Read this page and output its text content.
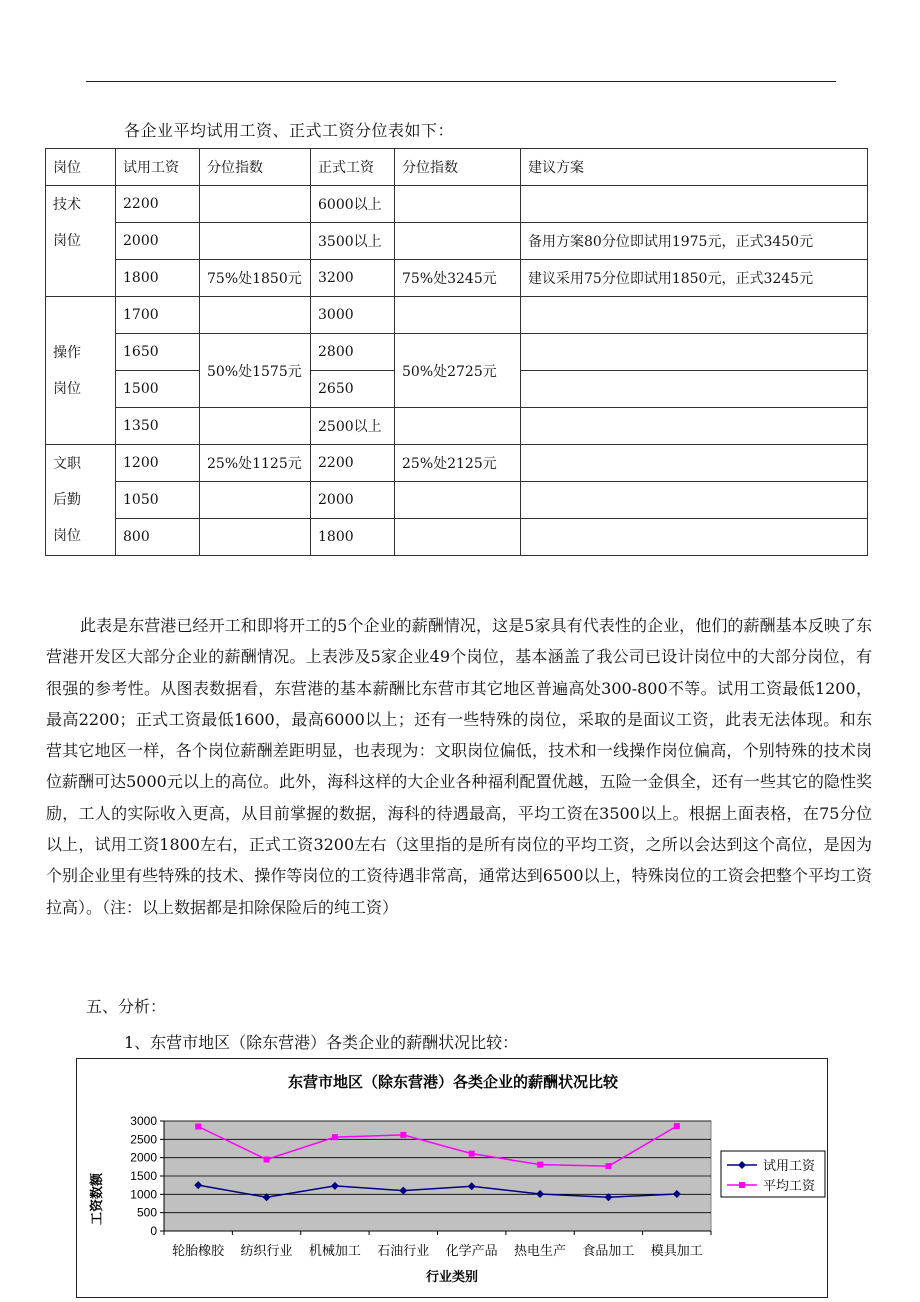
各企业平均试用工资、正式工资分位表如下：
岗位	试用工资	分位指数	正式工资	分位指数	建议方案

技术
岗位	2200		6000以上		
	2000		3500以上		备用方案80分位即试用1975元，正式3450元
	1800	75%处1850元	3200	75%处3245元	建议采用75分位即试用1850元，正式3245元

操作
岗位	1700		3000		
	1650	50%处1575元	2800	50%处2725元	
	1500		2650		
	1350		2500以上		

文职
后勤
岗位	1200	25%处1125元	2200	25%处2125元	
	1050		2000		
	800		1800		

此表是东营港已经开工和即将开工的5个企业的薪酬情况，这是5家具有代表性的企业，他们的薪酬基本反映了东营港开发区大部分企业的薪酬情况。上表涉及5家企业49个岗位，基本涵盖了我公司已设计岗位中的大部分岗位，有很强的参考性。从图表数据看，东营港的基本薪酬比东营市其它地区普遍高处300-800不等。试用工资最低1200，最高2200；正式工资最低1600，最高6000以上；还有一些特殊的岗位，采取的是面议工资，此表无法体现。和东营其它地区一样，各个岗位薪酬差距明显，也表现为：文职岗位偏低，技术和一线操作岗位偏高，个别特殊的技术岗位薪酬可达5000元以上的高位。此外，海科这样的大企业各种福利配置优越，五险一金俱全，还有一些其它的隐性奖励，工人的实际收入更高，从目前掌握的数据，海科的待遇最高，平均工资在3500以上。根据上面表格，在75分位以上，试用工资1800左右，正式工资3200左右（这里指的是所有岗位的平均工资，之所以会达到这个高位，是因为个别企业里有些特殊的技术、操作等岗位的工资待遇非常高，通常达到6500以上，特殊岗位的工资会把整个平均工资拉高）。（注：以上数据都是扣除保险后的纯工资）

五、分析：
1、东营市地区（除东营港）各类企业的薪酬状况比较：
东营市地区（除东营港）各类企业的薪酬状况比较
0
500
1000
1500
2000
2500
3000
轮胎橡胶 纺织行业 机械加工 石油行业 化学产品 热电生产 食品加工 模具加工
工资数额
行业类别
试用工资
平均工资
